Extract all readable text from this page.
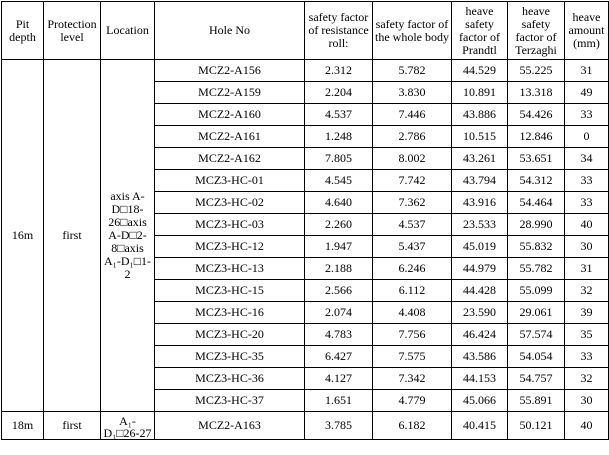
Pit depth	Protection level	Location	Hole No	safety factor of resistance roll:	safety factor of the whole body	heave safety factor of Prandtl	heave safety factor of Terzaghi	heave amount (mm)
16m	first	axis A-D□18-26□axis A-D□2-8□axis A₁-D₁□1-2	MCZ2-A156	2.312	5.782	44.529	55.225	31
			MCZ2-A159	2.204	3.830	10.891	13.318	49
			MCZ2-A160	4.537	7.446	43.886	54.426	33
			MCZ2-A161	1.248	2.786	10.515	12.846	0
			MCZ2-A162	7.805	8.002	43.261	53.651	34
			MCZ3-HC-01	4.545	7.742	43.794	54.312	33
			MCZ3-HC-02	4.640	7.362	43.916	54.464	33
			MCZ3-HC-03	2.260	4.537	23.533	28.990	40
			MCZ3-HC-12	1.947	5.437	45.019	55.832	30
			MCZ3-HC-13	2.188	6.246	44.979	55.782	31
			MCZ3-HC-15	2.566	6.112	44.428	55.099	32
			MCZ3-HC-16	2.074	4.408	23.590	29.061	39
			MCZ3-HC-20	4.783	7.756	46.424	57.574	35
			MCZ3-HC-35	6.427	7.575	43.586	54.054	33
			MCZ3-HC-36	4.127	7.342	44.153	54.757	32
			MCZ3-HC-37	1.651	4.779	45.066	55.891	30
18m	first	A₁-D₁□26-27	MCZ2-A163	3.785	6.182	40.415	50.121	40
